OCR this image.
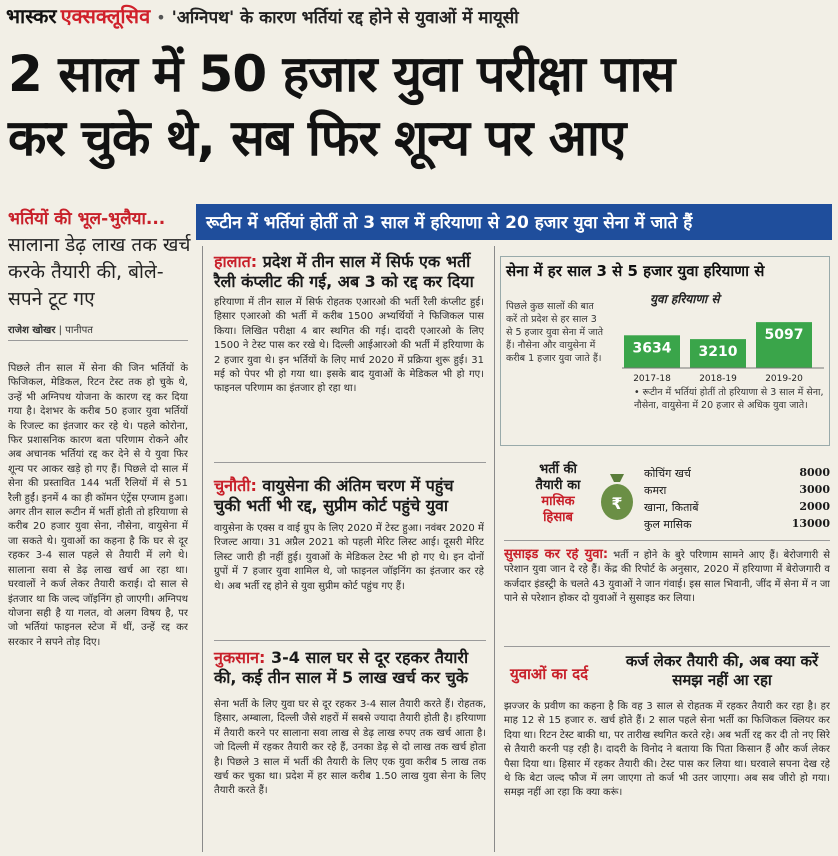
भास्कर एक्सक्लूसिव • 'अग्निपथ' के कारण भर्तियां रद्द होने से युवाओं में मायूसी
2 साल में 50 हजार युवा परीक्षा पास
कर चुके थे, सब फिर शून्य पर आए
भर्तियों की भूल-भुलैया...
सालाना डेढ़ लाख तक खर्च करके तैयारी की, बोले- सपने टूट गए
राजेश खोखर | पानीपत
पिछले तीन साल में सेना की जिन भर्तियों के फिजिकल, मेडिकल, रिटन टेस्ट तक हो चुके थे, उन्हें भी अग्निपथ योजना के कारण रद्द कर दिया गया है। देशभर के करीब 50 हजार युवा भर्तियों के रिजल्ट का इंतजार कर रहे थे। पहले कोरोना, फिर प्रशासनिक कारण बता परिणाम रोकने और अब अचानक भर्तियां रद्द कर देने से ये युवा फिर शून्य पर आकर खड़े हो गए हैं। पिछले दो साल में सेना की प्रस्तावित 144 भर्ती रैलियों में से 51 रैली हुईं। इनमें 4 का ही कॉमन एंट्रेंस एग्जाम हुआ। अगर तीन साल रूटीन में भर्ती होती तो हरियाणा से करीब 20 हजार युवा सेना, नौसेना, वायुसेना में जा सकते थे। युवाओं का कहना है कि घर से दूर रहकर 3-4 साल पहले से तैयारी में लगे थे। सालाना सवा से डेढ़ लाख खर्च आ रहा था। घरवालों ने कर्ज लेकर तैयारी कराई। दो साल से इंतजार था कि जल्द जॉइनिंग हो जाएगी। अग्निपथ योजना सही है या गलत, वो अलग विषय है, पर जो भर्तियां फाइनल स्टेज में थीं, उन्हें रद्द कर सरकार ने सपने तोड़ दिए।
रूटीन में भर्तियां होतीं तो 3 साल में हरियाणा से 20 हजार युवा सेना में जाते हैं
हालात: प्रदेश में तीन साल में सिर्फ एक भर्ती रैली कंप्लीट की गई, अब 3 को रद्द कर दिया
हरियाणा में तीन साल में सिर्फ रोहतक एआरओ की भर्ती रैली कंप्लीट हुई। हिसार एआरओ की भर्ती में करीब 1500 अभ्यर्थियों ने फिजिकल पास किया। लिखित परीक्षा 4 बार स्थगित की गई। दादरी एआरओ के लिए 1500 ने टेस्ट पास कर रखे थे। दिल्ली आईआरओ की भर्ती में हरियाणा के 2 हजार युवा थे। इन भर्तियों के लिए मार्च 2020 में प्रक्रिया शुरू हुई। 31 मई को पेपर भी हो गया था। इसके बाद युवाओं के मेडिकल भी हो गए। फाइनल परिणाम का इंतजार हो रहा था।
चुनौती: वायुसेना की अंतिम चरण में पहुंच चुकी भर्ती भी रद्द, सुप्रीम कोर्ट पहुंचे युवा
वायुसेना के एक्स व वाई ग्रुप के लिए 2020 में टेस्ट हुआ। नवंबर 2020 में रिजल्ट आया। 31 अप्रैल 2021 को पहली मेरिट लिस्ट आई। दूसरी मेरिट लिस्ट जारी ही नहीं हुई। युवाओं के मेडिकल टेस्ट भी हो गए थे। इन दोनों ग्रुपों में 7 हजार युवा शामिल थे, जो फाइनल जॉइनिंग का इंतजार कर रहे थे। अब भर्ती रद्द होने से युवा सुप्रीम कोर्ट पहुंच गए हैं।
नुकसान: 3-4 साल घर से दूर रहकर तैयारी की, कई तीन साल में 5 लाख खर्च कर चुके
सेना भर्ती के लिए युवा घर से दूर रहकर 3-4 साल तैयारी करते हैं। रोहतक, हिसार, अम्बाला, दिल्ली जैसे शहरों में सबसे ज्यादा तैयारी होती है। हरियाणा में तैयारी करने पर सालाना सवा लाख से डेढ़ लाख रुपए तक खर्च आता है। जो दिल्ली में रहकर तैयारी कर रहे हैं, उनका डेढ़ से दो लाख तक खर्च होता है। पिछले 3 साल में भर्ती की तैयारी के लिए एक युवा करीब 5 लाख तक खर्च कर चुका था। प्रदेश में हर साल करीब 1.50 लाख युवा सेना के लिए तैयारी करते हैं।
सेना में हर साल 3 से 5 हजार युवा हरियाणा से
पिछले कुछ सालों की बात करें तो प्रदेश से हर साल 3 से 5 हजार युवा सेना में जाते हैं। नौसेना और वायुसेना में करीब 1 हजार युवा जाते हैं।
युवा हरियाणा से
3634
2017-18
3210
2018-19
5097
2019-20
• रूटीन में भर्तियां होतीं तो हरियाणा से 3 साल में सेना, नौसेना, वायुसेना में 20 हजार से अधिक युवा जाते।
भर्ती की
तैयारी का
मासिक
हिसाब
₹
कोचिंग खर्च	8000
कमरा	3000
खाना, किताबें	2000
कुल मासिक	13000
सुसाइड कर रहे युवा: भर्ती न होने के बुरे परिणाम सामने आए हैं। बेरोजगारी से परेशान युवा जान दे रहे हैं। केंद्र की रिपोर्ट के अनुसार, 2020 में हरियाणा में बेरोजगारी व कर्जदार इंडस्ट्री के चलते 43 युवाओं ने जान गंवाई। इस साल भिवानी, जींद में सेना में न जा पाने से परेशान होकर दो युवाओं ने सुसाइड कर लिया।
युवाओं का दर्द
कर्ज लेकर तैयारी की, अब क्या करें समझ नहीं आ रहा
झज्जर के प्रवीण का कहना है कि वह 3 साल से रोहतक में रहकर तैयारी कर रहा है। हर माह 12 से 15 हजार रु. खर्च होते हैं। 2 साल पहले सेना भर्ती का फिजिकल क्लियर कर दिया था। रिटन टेस्ट बाकी था, पर तारीख स्थगित करते रहे। अब भर्ती रद्द कर दी तो नए सिरे से तैयारी करनी पड़ रही है। दादरी के विनोद ने बताया कि पिता किसान हैं और कर्ज लेकर पैसा दिया था। हिसार में रहकर तैयारी की। टेस्ट पास कर लिया था। घरवाले सपना देख रहे थे कि बेटा जल्द फौज में लग जाएगा तो कर्ज भी उतर जाएगा। अब सब जीरो हो गया। समझ नहीं आ रहा कि क्या करूं।
